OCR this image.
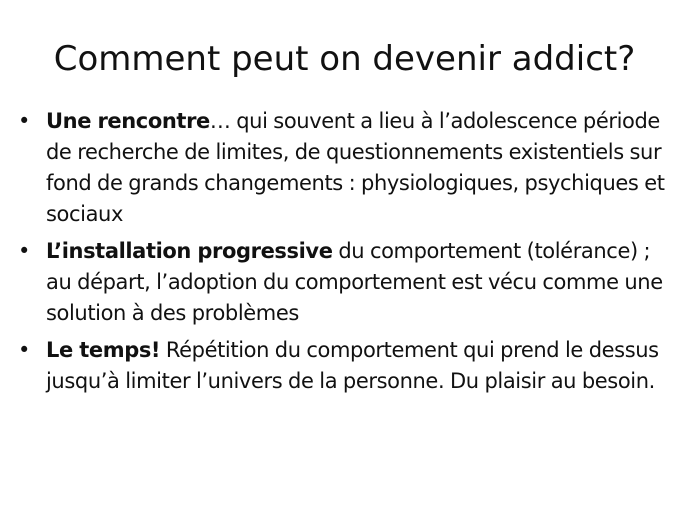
Comment peut on devenir addict?
• Une rencontre… qui souvent a lieu à l’adolescence période de recherche de limites, de questionnements existentiels sur fond de grands changements : physiologiques, psychiques et sociaux
• L’installation progressive du comportement (tolérance) ; au départ, l’adoption du comportement est vécu comme une solution à des problèmes
• Le temps! Répétition du comportement qui prend le dessus jusqu’à limiter l’univers de la personne. Du plaisir au besoin.
